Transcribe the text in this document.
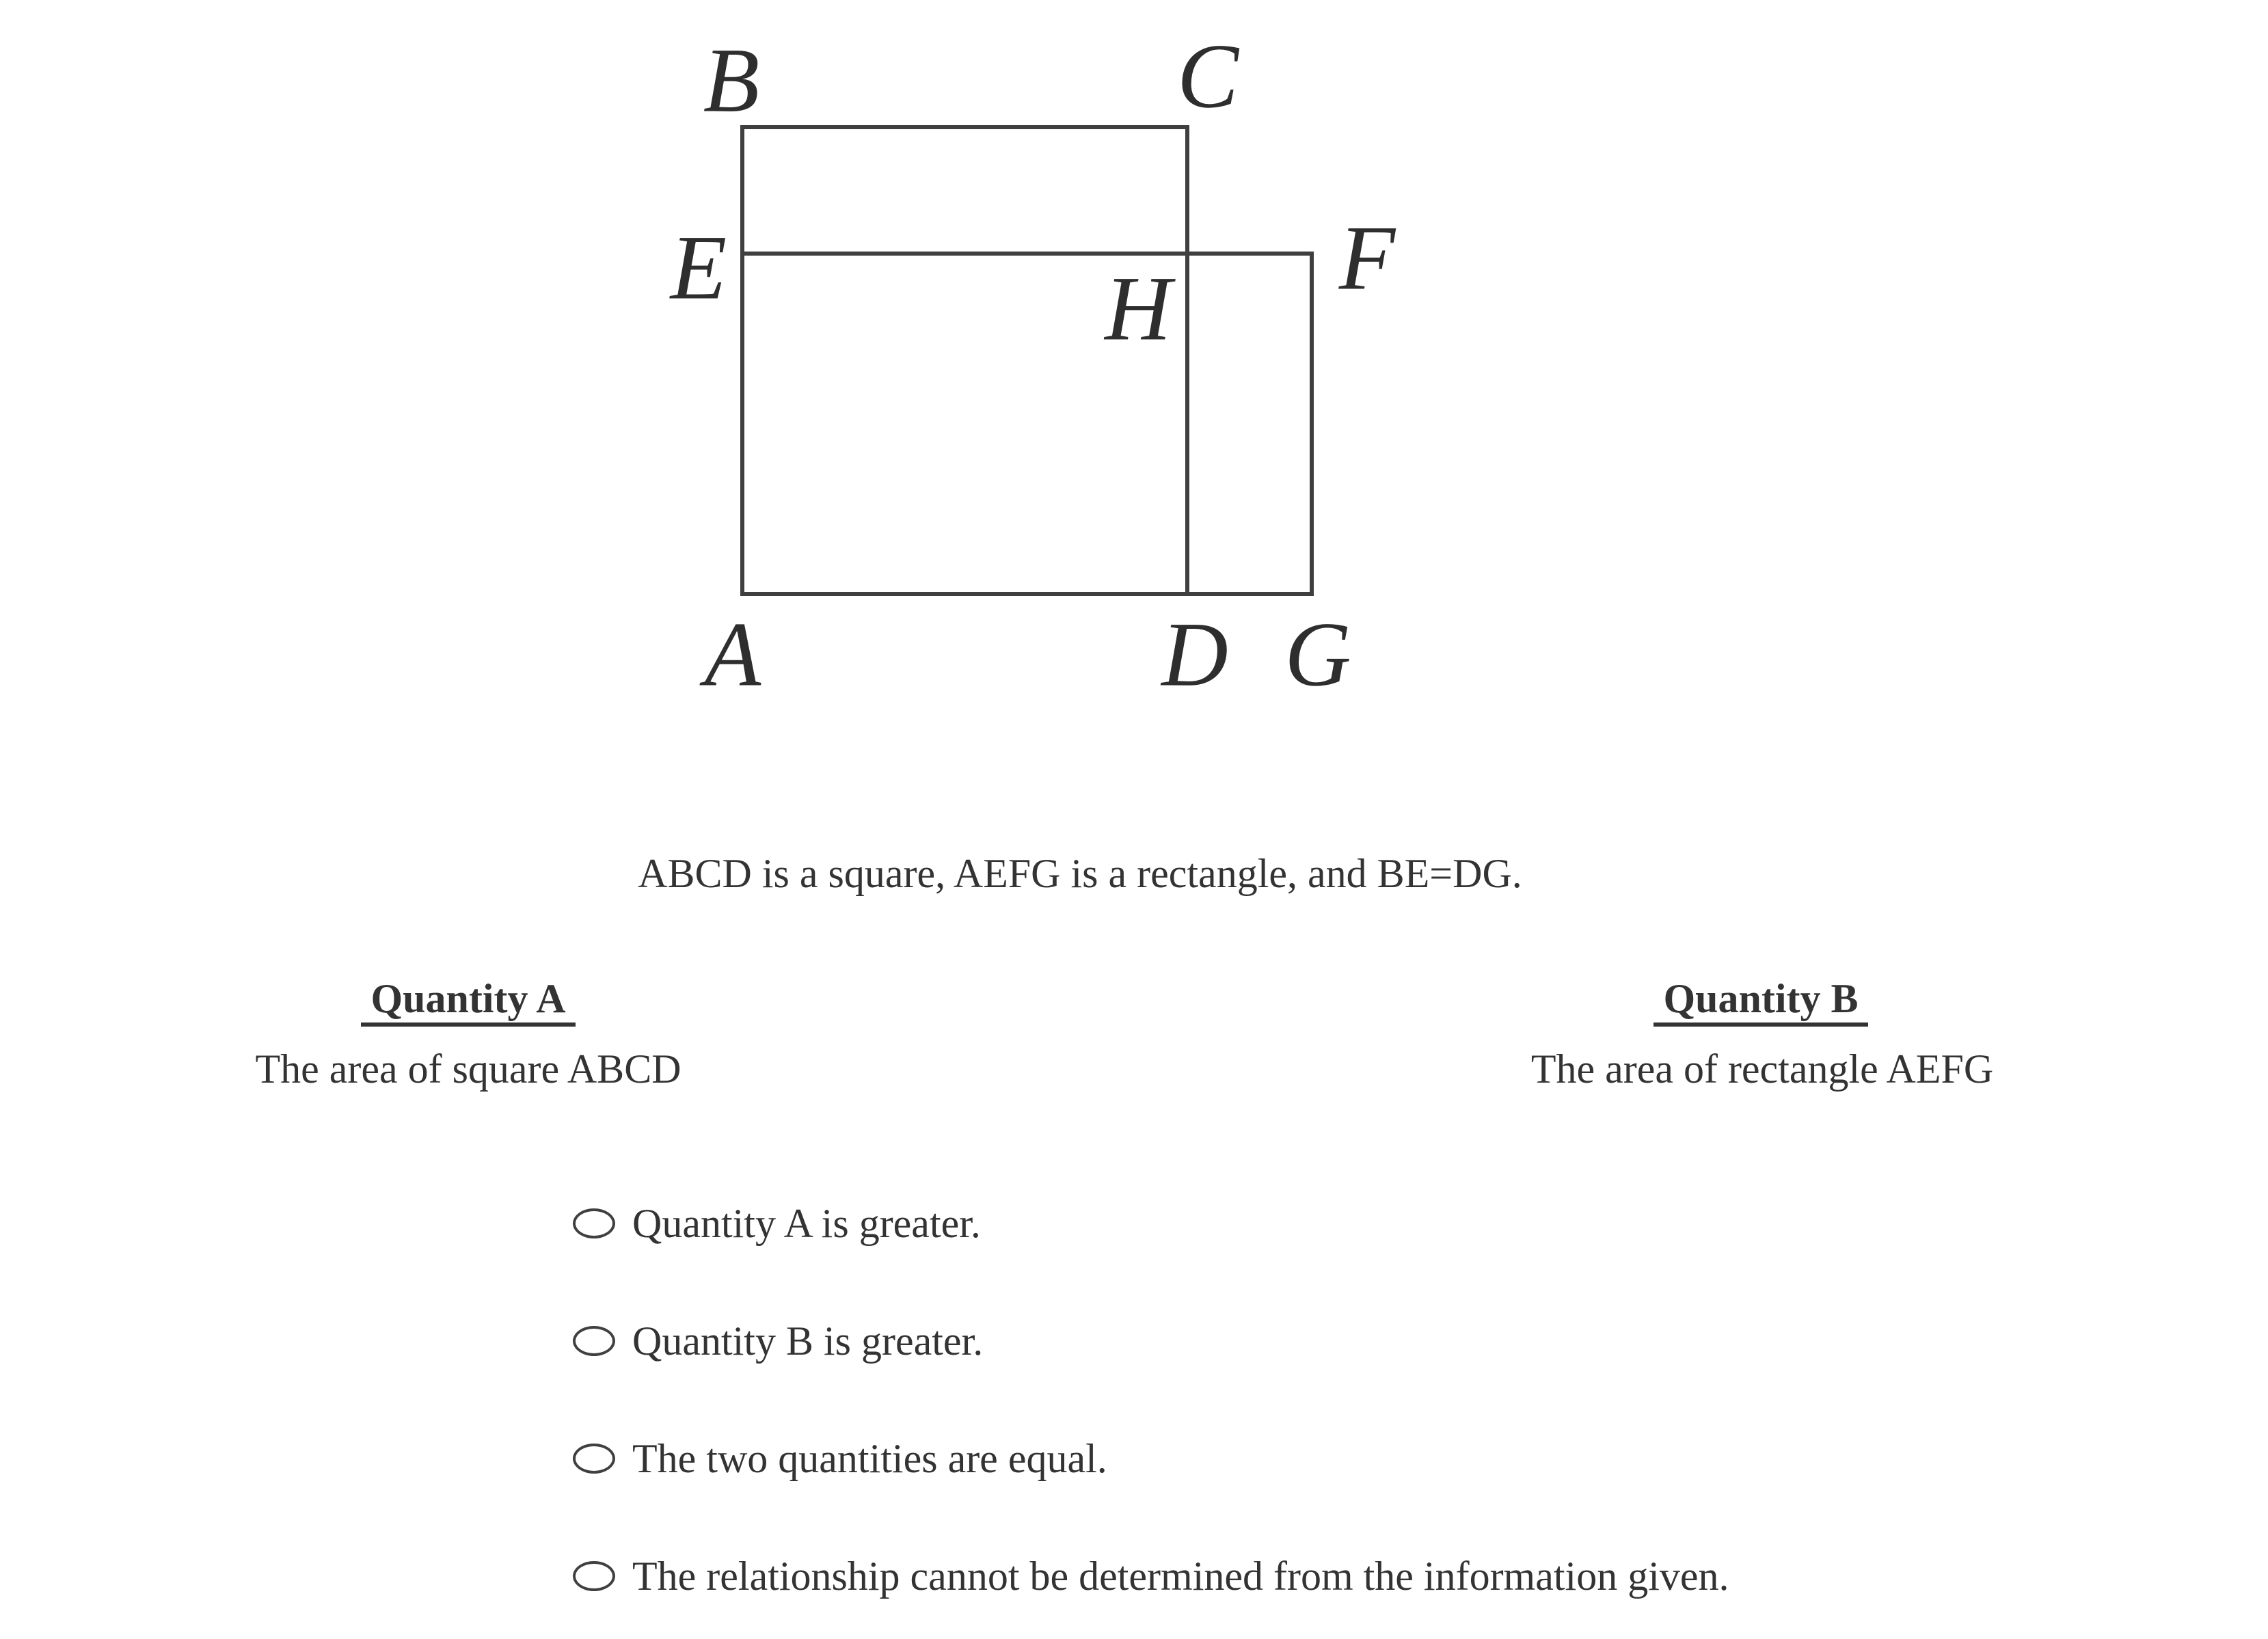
B	C
E	F
H
A	D G
ABCD is a square, AEFG is a rectangle, and BE=DG.
Quantity A
The area of square ABCD
Quantity B
The area of rectangle AEFG
Quantity A is greater.
Quantity B is greater.
The two quantities are equal.
The relationship cannot be determined from the information given.
